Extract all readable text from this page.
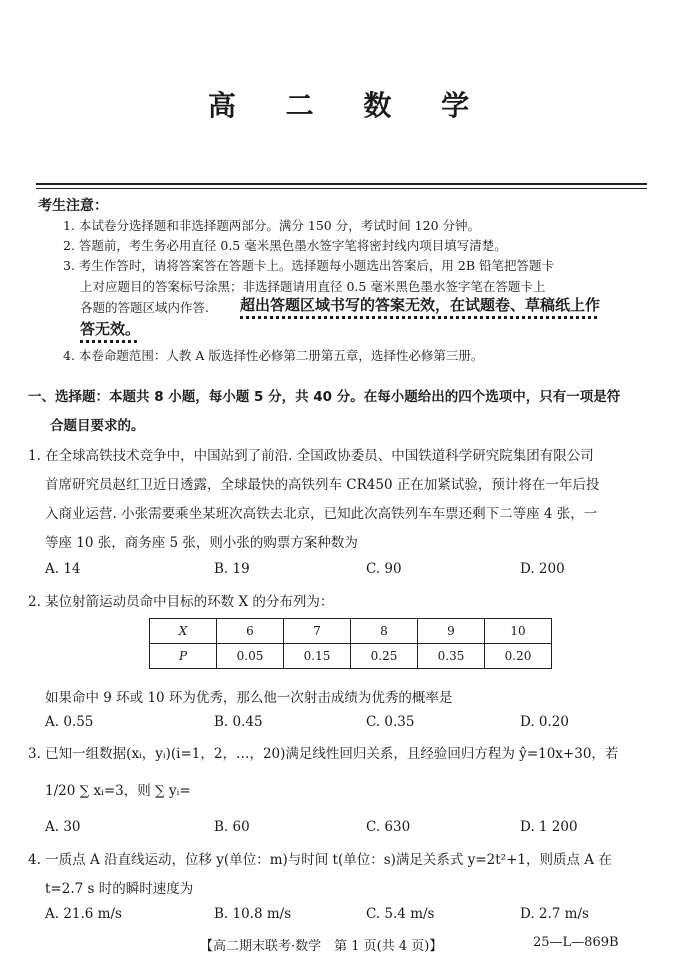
高 二 数 学
考生注意：
1. 本试卷分选择题和非选择题两部分。满分 150 分，考试时间 120 分钟。
2. 答题前，考生务必用直径 0.5 毫米黑色墨水签字笔将密封线内项目填写清楚。
3. 考生作答时，请将答案答在答题卡上。选择题每小题选出答案后，用 2B 铅笔把答题卡
上对应题目的答案标号涂黑；非选择题请用直径 0.5 毫米黑色墨水签字笔在答题卡上
各题的答题区域内作答. 超出答题区域书写的答案无效，在试题卷、草稿纸上作
答无效。
4. 本卷命题范围：人教 A 版选择性必修第二册第五章，选择性必修第三册。
一、选择题：本题共 8 小题，每小题 5 分，共 40 分。在每小题给出的四个选项中，只有一项是符
合题目要求的。
1. 在全球高铁技术竞争中，中国站到了前沿. 全国政协委员、中国铁道科学研究院集团有限公司
首席研究员赵红卫近日透露，全球最快的高铁列车 CR450 正在加紧试验，预计将在一年后投
入商业运营. 小张需要乘坐某班次高铁去北京，已知此次高铁列车车票还剩下二等座 4 张，一
等座 10 张，商务座 5 张，则小张的购票方案种数为
A. 14	B. 19	C. 90	D. 200
2. 某位射箭运动员命中目标的环数 X 的分布列为：
X	6	7	8	9	10
P	0.05	0.15	0.25	0.35	0.20
如果命中 9 环或 10 环为优秀，那么他一次射击成绩为优秀的概率是
A. 0.55	B. 0.45	C. 0.35	D. 0.20
3. 已知一组数据(xᵢ，yᵢ)(i=1，2，…，20)满足线性回归关系，且经验回归方程为 ŷ=10x+30，若
1/20 ∑ xᵢ=3，则 ∑ yᵢ=
A. 30	B. 60	C. 630	D. 1 200
4. 一质点 A 沿直线运动，位移 y(单位：m)与时间 t(单位：s)满足关系式 y=2t²+1，则质点 A 在
t=2.7 s 时的瞬时速度为
A. 21.6 m/s	B. 10.8 m/s	C. 5.4 m/s	D. 2.7 m/s
【高二期末联考·数学　第 1 页(共 4 页)】	25—L—869B
